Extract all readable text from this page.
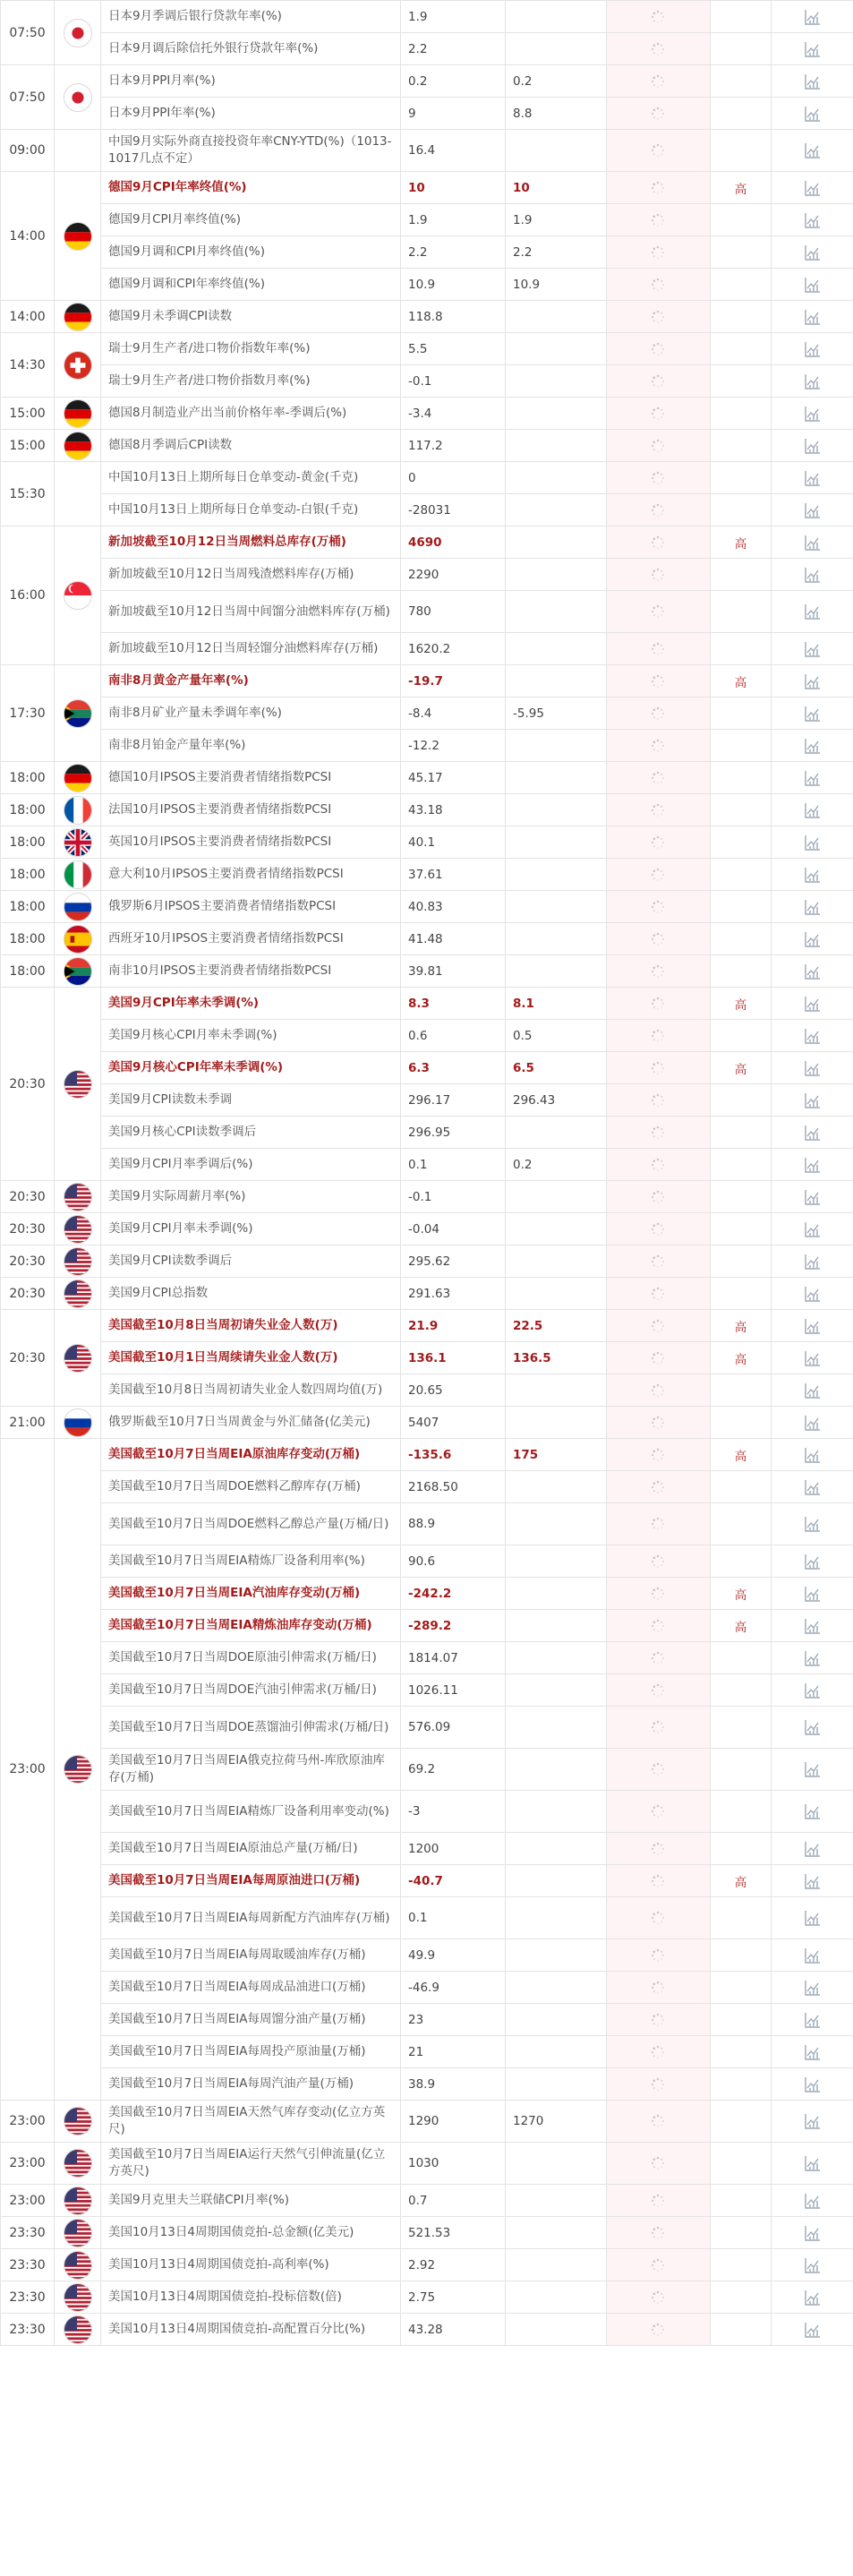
07:50		日本9月季调后银行贷款年率(%)	1.9		

		日本9月调后除信托外银行贷款年率(%)	2.2		

07:50		日本9月PPI月率(%)	0.2	0.2	

		日本9月PPI年率(%)	9	8.8	

09:00		中国9月实际外商直接投资年率CNY-YTD(%)（1013-1017几点不定）	16.4		

14:00		德国9月CPI年率终值(%)	10	10		高	
		德国9月CPI月率终值(%)	1.9	1.9	

		德国9月调和CPI月率终值(%)	2.2	2.2	

		德国9月调和CPI年率终值(%)	10.9	10.9	

14:00		德国9月未季调CPI读数	118.8		

14:30		瑞士9月生产者/进口物价指数年率(%)	5.5		

		瑞士9月生产者/进口物价指数月率(%)	-0.1		

15:00		德国8月制造业产出当前价格年率-季调后(%)	-3.4		

15:00		德国8月季调后CPI读数	117.2		

15:30		中国10月13日上期所每日仓单变动-黄金(千克)	0		

		中国10月13日上期所每日仓单变动-白银(千克)	-28031		

16:00		新加坡截至10月12日当周燃料总库存(万桶)	4690			高	
		新加坡截至10月12日当周残渣燃料库存(万桶)	2290		

		新加坡截至10月12日当周中间馏分油燃料库存(万桶)	780		

		新加坡截至10月12日当周轻馏分油燃料库存(万桶)	1620.2		

17:30		南非8月黄金产量年率(%)	-19.7			高	
		南非8月矿业产量未季调年率(%)	-8.4	-5.95	

		南非8月铂金产量年率(%)	-12.2		

18:00		德国10月IPSOS主要消费者情绪指数PCSI	45.17		

18:00		法国10月IPSOS主要消费者情绪指数PCSI	43.18		

18:00		英国10月IPSOS主要消费者情绪指数PCSI	40.1		

18:00		意大利10月IPSOS主要消费者情绪指数PCSI	37.61		

18:00		俄罗斯6月IPSOS主要消费者情绪指数PCSI	40.83		

18:00		西班牙10月IPSOS主要消费者情绪指数PCSI	41.48		

18:00		南非10月IPSOS主要消费者情绪指数PCSI	39.81		

20:30		美国9月CPI年率未季调(%)	8.3	8.1		高	
		美国9月核心CPI月率未季调(%)	0.6	0.5	

		美国9月核心CPI年率未季调(%)	6.3	6.5		高	
		美国9月CPI读数未季调	296.17	296.43	

		美国9月核心CPI读数季调后	296.95		

		美国9月CPI月率季调后(%)	0.1	0.2	

20:30		美国9月实际周薪月率(%)	-0.1		

20:30		美国9月CPI月率未季调(%)	-0.04		

20:30		美国9月CPI读数季调后	295.62		

20:30		美国9月CPI总指数	291.63		

20:30		美国截至10月8日当周初请失业金人数(万)	21.9	22.5		高	
		美国截至10月1日当周续请失业金人数(万)	136.1	136.5		高	
		美国截至10月8日当周初请失业金人数四周均值(万)	20.65		

21:00		俄罗斯截至10月7日当周黄金与外汇储备(亿美元)	5407		

23:00		美国截至10月7日当周EIA原油库存变动(万桶)	-135.6	175		高	
		美国截至10月7日当周DOE燃料乙醇库存(万桶)	2168.50		

		美国截至10月7日当周DOE燃料乙醇总产量(万桶/日)	88.9		

		美国截至10月7日当周EIA精炼厂设备利用率(%)	90.6		

		美国截至10月7日当周EIA汽油库存变动(万桶)	-242.2			高	
		美国截至10月7日当周EIA精炼油库存变动(万桶)	-289.2			高	
		美国截至10月7日当周DOE原油引伸需求(万桶/日)	1814.07		

		美国截至10月7日当周DOE汽油引伸需求(万桶/日)	1026.11		

		美国截至10月7日当周DOE蒸馏油引伸需求(万桶/日)	576.09		

		美国截至10月7日当周EIA俄克拉荷马州-库欣原油库存(万桶)	69.2		

		美国截至10月7日当周EIA精炼厂设备利用率变动(%)	-3		

		美国截至10月7日当周EIA原油总产量(万桶/日)	1200		

		美国截至10月7日当周EIA每周原油进口(万桶)	-40.7			高	
		美国截至10月7日当周EIA每周新配方汽油库存(万桶)	0.1		

		美国截至10月7日当周EIA每周取暖油库存(万桶)	49.9		

		美国截至10月7日当周EIA每周成品油进口(万桶)	-46.9		

		美国截至10月7日当周EIA每周馏分油产量(万桶)	23		

		美国截至10月7日当周EIA每周投产原油量(万桶)	21		

		美国截至10月7日当周EIA每周汽油产量(万桶)	38.9		

23:00		美国截至10月7日当周EIA天然气库存变动(亿立方英尺)	1290	1270	

23:00		美国截至10月7日当周EIA运行天然气引伸流量(亿立方英尺)	1030		

23:00		美国9月克里夫兰联储CPI月率(%)	0.7		

23:30		美国10月13日4周期国债竞拍-总金额(亿美元)	521.53		

23:30		美国10月13日4周期国债竞拍-高利率(%)	2.92		

23:30		美国10月13日4周期国债竞拍-投标倍数(倍)	2.75		

23:30		美国10月13日4周期国债竞拍-高配置百分比(%)	43.28		
